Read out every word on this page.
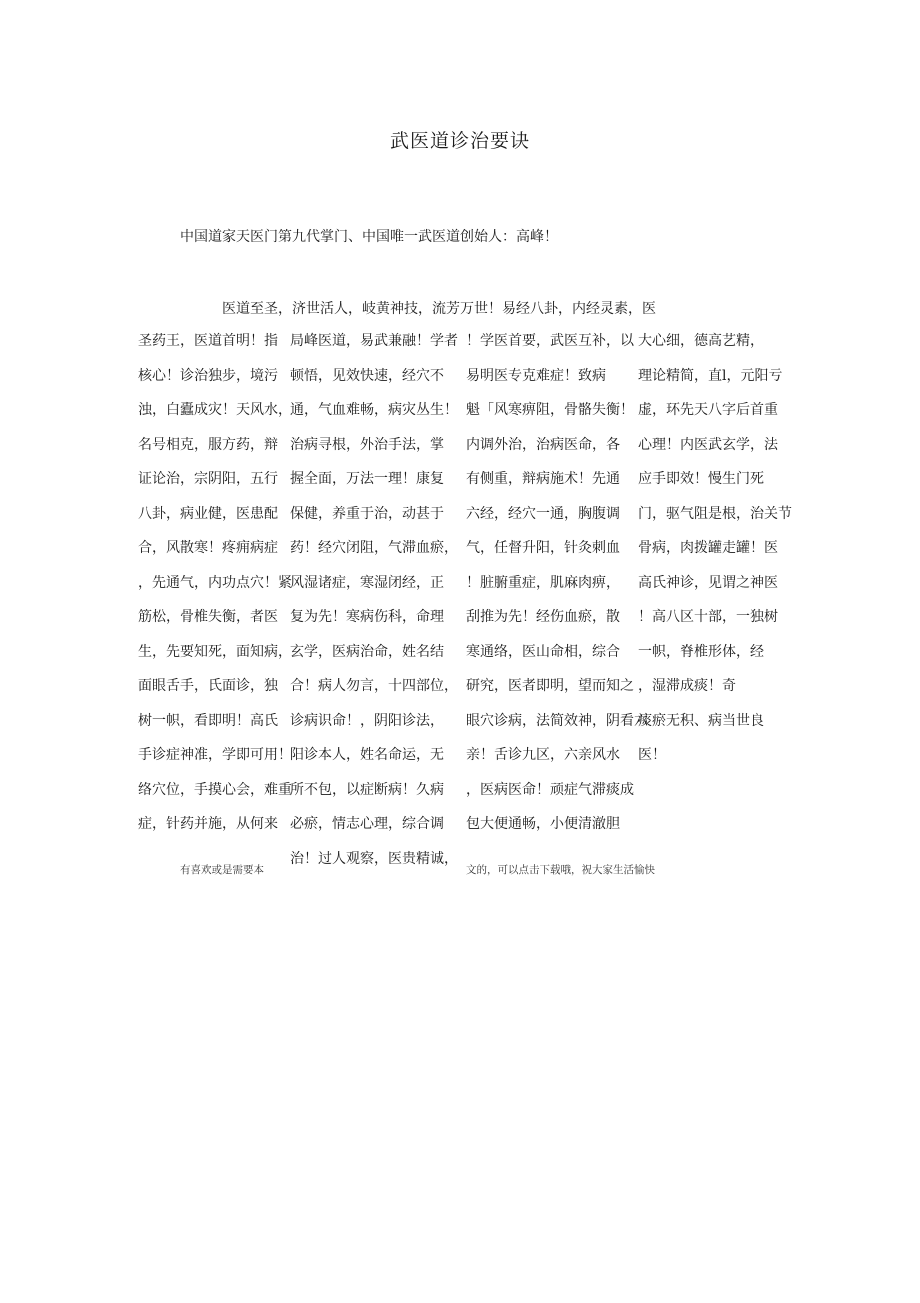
武医道诊治要诀
中国道家天医门第九代掌门、中国唯一武医道创始人：高峰！
医道至圣，济世活人，岐黄神技，流芳万世！易经八卦，内经灵素，医
圣药王，医道首明！指
核心！诊治独步，境污
浊，白蠹成灾！天风水，
名号相克，服方药，辩
证论治，宗阴阳，五行
八卦，病业健，医患配
合，风散寒！疼痈病症
，先通气，内功点穴！紧
筋松，骨椎失衡，者医
生，先要知死，面知病，
面眼舌手，氏面诊，独
树一帜，看即明！高氏
手诊症神准，学即可用！
络穴位，手摸心会，难重
症，针药并施，从何来
局峰医道，易武兼融！学者
顿悟，见效快速，经穴不
通，气血难畅，病灾丛生！
治病寻根，外治手法，掌
握全面，万法一理！康复
保健，养重于治，动甚于
药！经穴闭阻，气滞血瘀，
风湿诸症，寒湿闭经，正
复为先！寒病伤科，命理
玄学，医病治命，姓名结
合！病人勿言，十四部位，
诊病识命！，阴阳诊法，
阳诊本人，姓名命运，无
所不包，以症断病！久病
必瘀，情志心理，综合调
治！过人观察，医贵精诚，
！学医首要，武医互补，以
易明医专克难症！致病
魁「风寒痹阻，骨骼失衡！
内调外治，治病医命，各
有侧重，辩病施术！先通
六经，经穴一通，胸腹调
气，任督升阳，针灸刺血
！脏腑重症，肌麻肉痹，
刮推为先！经伤血瘀，散
寒通络，医山命相，综合
研究，医者即明，望而知之
眼穴诊病，法简效神，阴看六
亲！舌诊九区，六亲风水
，医病医命！顽症气滞痰成
包大便通畅，小便清澈胆
大心细，德高艺精，
理论精简，直l，元阳亏
虚，环先天八字后首重
心理！内医武玄学，法
应手即效！慢生门死
门，驱气阻是根，治关节
骨病，肉拨罐走罐！医
高氏神诊，见谓之神医
！高八区十部，一独树
一帜，脊椎形体，经
，湿滞成痰！奇
痰瘀无积、病当世良
医！
有喜欢或是需要本	文的，可以点击下载哦，祝大家生活愉快
